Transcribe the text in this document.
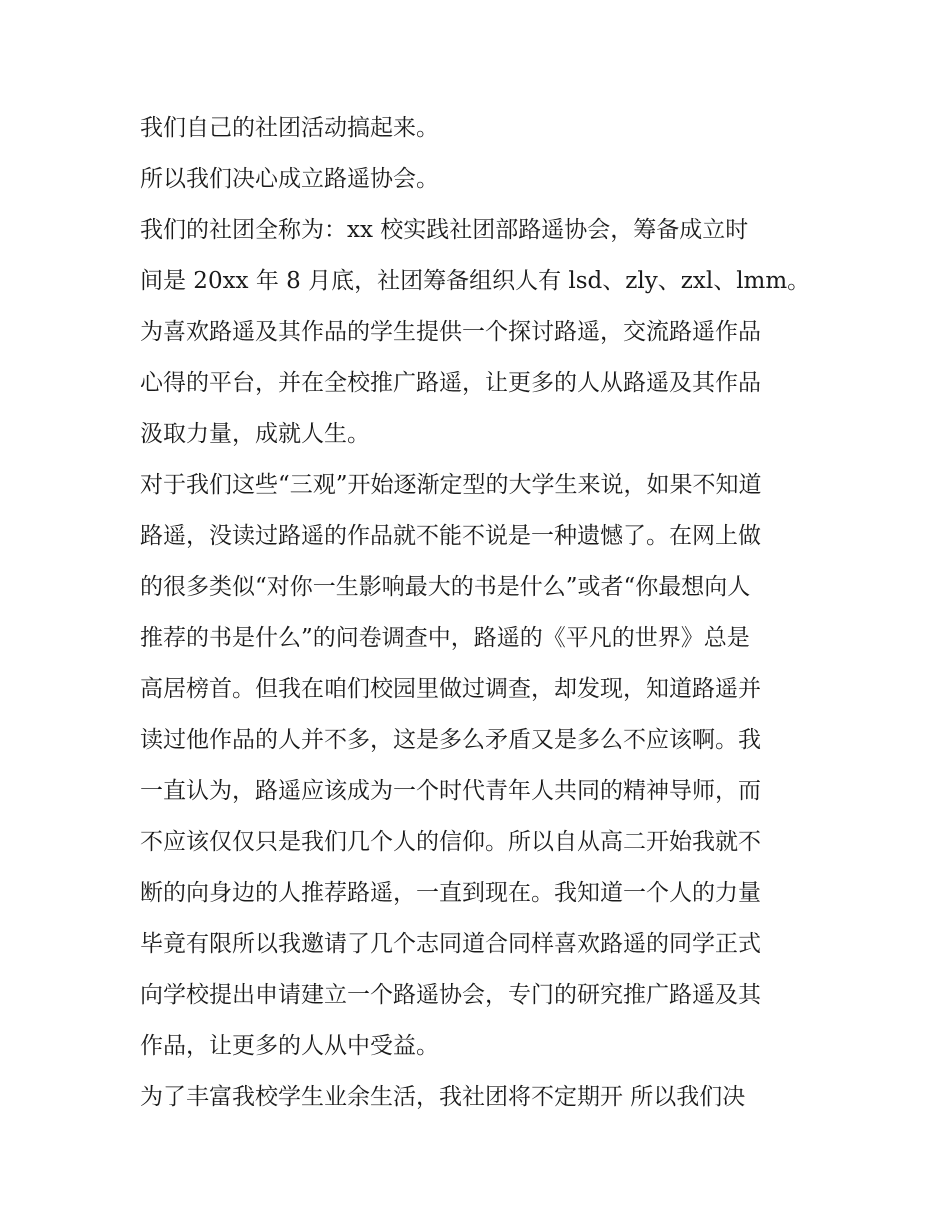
我们自己的社团活动搞起来。
所以我们决心成立路遥协会。
我们的社团全称为：xx 校实践社团部路遥协会，筹备成立时
间是 20xx 年 8 月底，社团筹备组织人有 lsd、zly、zxl、lmm。
为喜欢路遥及其作品的学生提供一个探讨路遥，交流路遥作品
心得的平台，并在全校推广路遥，让更多的人从路遥及其作品
汲取力量，成就人生。
对于我们这些“三观”开始逐渐定型的大学生来说，如果不知道
路遥，没读过路遥的作品就不能不说是一种遗憾了。在网上做
的很多类似“对你一生影响最大的书是什么”或者“你最想向人
推荐的书是什么”的问卷调查中，路遥的《平凡的世界》总是
高居榜首。但我在咱们校园里做过调查，却发现，知道路遥并
读过他作品的人并不多，这是多么矛盾又是多么不应该啊。我
一直认为，路遥应该成为一个时代青年人共同的精神导师，而
不应该仅仅只是我们几个人的信仰。所以自从高二开始我就不
断的向身边的人推荐路遥，一直到现在。我知道一个人的力量
毕竟有限所以我邀请了几个志同道合同样喜欢路遥的同学正式
向学校提出申请建立一个路遥协会，专门的研究推广路遥及其
作品，让更多的人从中受益。
为了丰富我校学生业余生活，我社团将不定期开 所以我们决
